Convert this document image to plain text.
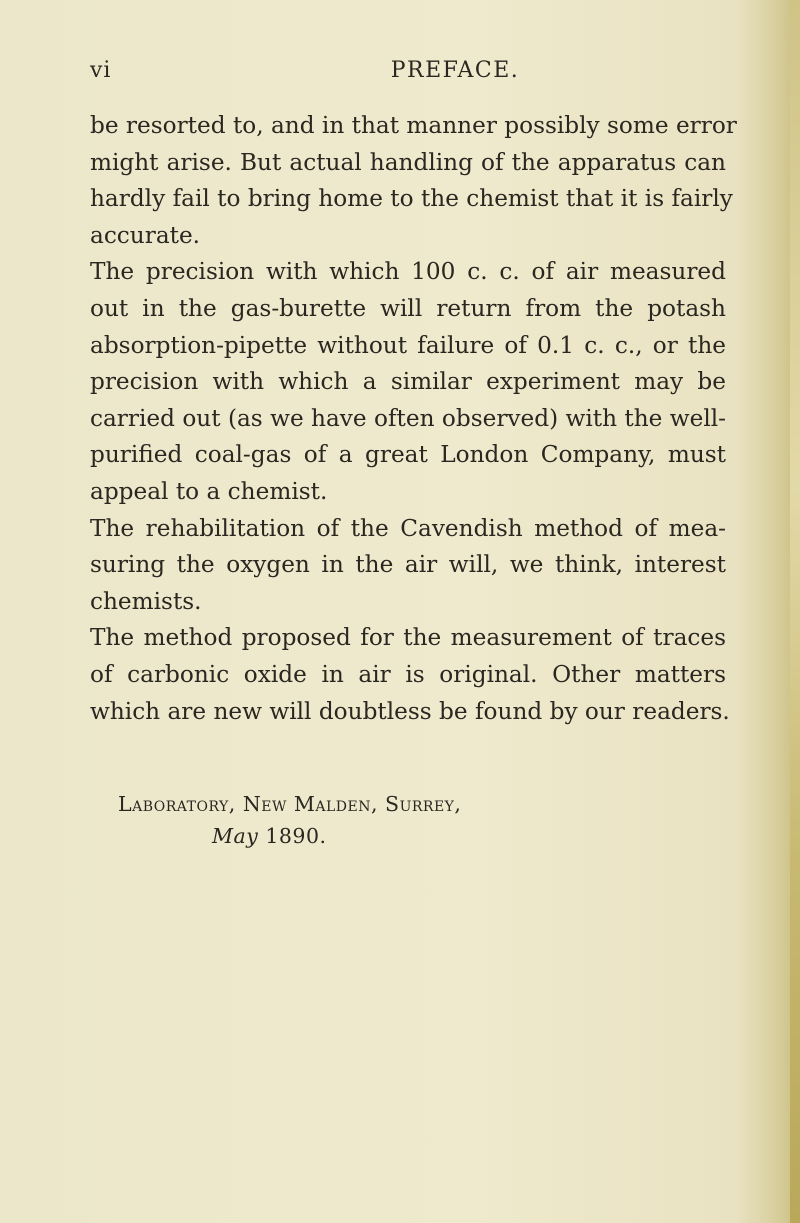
vi	PREFACE.
be resorted to, and in that manner possibly some error
might arise. But actual handling of the apparatus can
hardly fail to bring home to the chemist that it is fairly
accurate.
The precision with which 100 c. c. of air measured
out in the gas-burette will return from the potash
absorption-pipette without failure of 0.1 c. c., or the
precision with which a similar experiment may be
carried out (as we have often observed) with the well-
purified coal-gas of a great London Company, must
appeal to a chemist.
The rehabilitation of the Cavendish method of mea-
suring the oxygen in the air will, we think, interest
chemists.
The method proposed for the measurement of traces
of carbonic oxide in air is original. Other matters
which are new will doubtless be found by our readers.
Laboratory, New Malden, Surrey,
May 1890.
